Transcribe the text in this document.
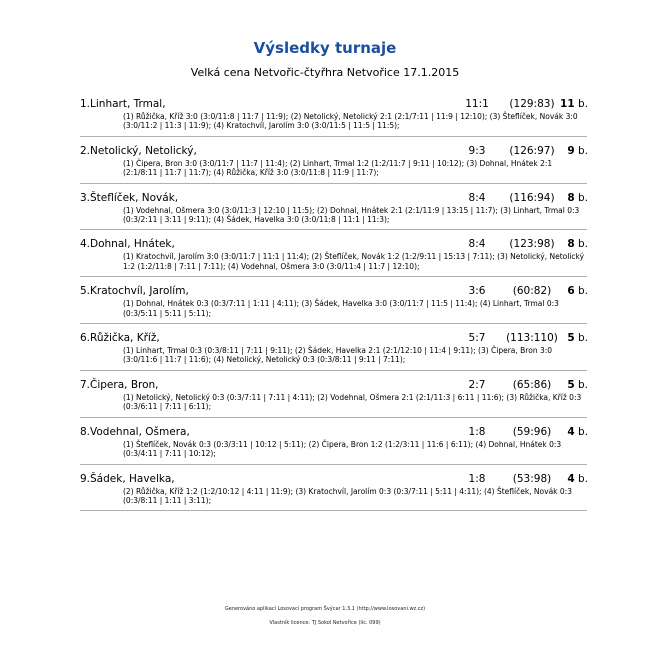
Výsledky turnaje
Velká cena Netvořic-čtyřhra Netvořice 17.1.2015
1.Linhart, Trmal,	11:1	(129:83) 11 b.
(1) Růžička, Kříž 3:0 (3:0/11:8 | 11:7 | 11:9); (2) Netolický, Netolický 2:1 (2:1/7:11 | 11:9 | 12:10); (3) Šteflíček, Novák 3:0 (3:0/11:2 | 11:3 | 11:9); (4) Kratochvíl, Jarolím 3:0 (3:0/11:5 | 11:5 | 11:5);
2.Netolický, Netolický,	9:3	(126:97)	9 b.
(1) Čipera, Bron 3:0 (3:0/11:7 | 11:7 | 11:4); (2) Linhart, Trmal 1:2 (1:2/11:7 | 9:11 | 10:12); (3) Dohnal, Hnátek 2:1 (2:1/8:11 | 11:7 | 11:7); (4) Růžička, Kříž 3:0 (3:0/11:8 | 11:9 | 11:7);
3.Šteflíček, Novák,	8:4	(116:94)	8 b.
(1) Vodehnal, Ošmera 3:0 (3:0/11:3 | 12:10 | 11:5); (2) Dohnal, Hnátek 2:1 (2:1/11:9 | 13:15 | 11:7); (3) Linhart, Trmal 0:3 (0:3/2:11 | 3:11 | 9:11); (4) Šádek, Havelka 3:0 (3:0/11:8 | 11:1 | 11:3);
4.Dohnal, Hnátek,	8:4	(123:98)	8 b.
(1) Kratochvíl, Jarolím 3:0 (3:0/11:7 | 11:1 | 11:4); (2) Šteflíček, Novák 1:2 (1:2/9:11 | 15:13 | 7:11); (3) Netolický, Netolický 1:2 (1:2/11:8 | 7:11 | 7:11); (4) Vodehnal, Ošmera 3:0 (3:0/11:4 | 11:7 | 12:10);
5.Kratochvíl, Jarolím,	3:6	(60:82)	6 b.
(1) Dohnal, Hnátek 0:3 (0:3/7:11 | 1:11 | 4:11); (3) Šádek, Havelka 3:0 (3:0/11:7 | 11:5 | 11:4); (4) Linhart, Trmal 0:3 (0:3/5:11 | 5:11 | 5:11);
6.Růžička, Kříž,	5:7	(113:110) 5 b.
(1) Linhart, Trmal 0:3 (0:3/8:11 | 7:11 | 9:11); (2) Šádek, Havelka 2:1 (2:1/12:10 | 11:4 | 9:11); (3) Čipera, Bron 3:0 (3:0/11:6 | 11:7 | 11:6); (4) Netolický, Netolický 0:3 (0:3/8:11 | 9:11 | 7:11);
7.Čipera, Bron,	2:7	(65:86)	5 b.
(1) Netolický, Netolický 0:3 (0:3/7:11 | 7:11 | 4:11); (2) Vodehnal, Ošmera 2:1 (2:1/11:3 | 6:11 | 11:6); (3) Růžička, Kříž 0:3 (0:3/6:11 | 7:11 | 6:11);
8.Vodehnal, Ošmera,	1:8	(59:96)	4 b.
(1) Šteflíček, Novák 0:3 (0:3/3:11 | 10:12 | 5:11); (2) Čipera, Bron 1:2 (1:2/3:11 | 11:6 | 6:11); (4) Dohnal, Hnátek 0:3 (0:3/4:11 | 7:11 | 10:12);
9.Šádek, Havelka,	1:8	(53:98)	4 b.
(2) Růžička, Kříž 1:2 (1:2/10:12 | 4:11 | 11:9); (3) Kratochvíl, Jarolím 0:3 (0:3/7:11 | 5:11 | 4:11); (4) Šteflíček, Novák 0:3 (0:3/8:11 | 1:11 | 3:11);
Generováno aplikací Losovací program Švýcar 1.3.1 (http://www.losovani.wz.cz)
Vlastník licence: TJ Sokol Netvořice (lic. 099)
